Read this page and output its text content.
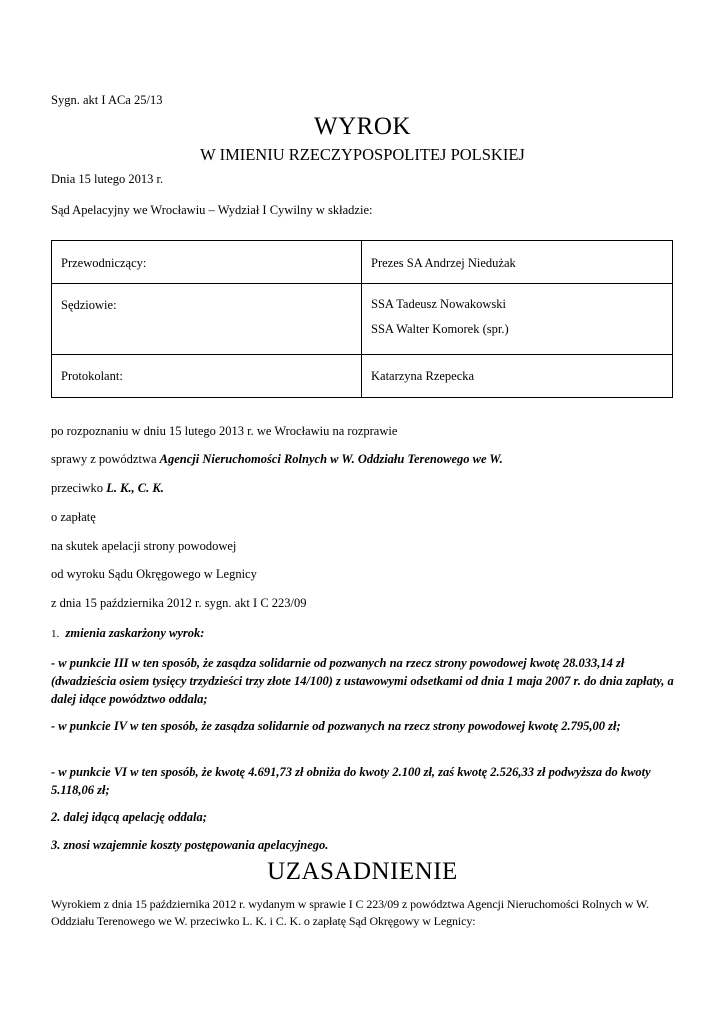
Sygn. akt I ACa 25/13
WYROK
W IMIENIU RZECZYPOSPOLITEJ POLSKIEJ
Dnia 15 lutego 2013 r.
Sąd Apelacyjny we Wrocławiu – Wydział I Cywilny w składzie:
Przewodniczący:	Prezes SA Andrzej Niedużak
Sędziowie:	SSA Tadeusz Nowakowski
SSA Walter Komorek (spr.)

Protokolant:	Katarzyna Rzepecka
po rozpoznaniu w dniu 15 lutego 2013 r. we Wrocławiu na rozprawie
sprawy z powództwa Agencji Nieruchomości Rolnych w W. Oddziału Terenowego we W.
przeciwko L. K., C. K.
o zapłatę
na skutek apelacji strony powodowej
od wyroku Sądu Okręgowego w Legnicy
z dnia 15 października 2012 r. sygn. akt I C 223/09
1. zmienia zaskarżony wyrok:
- w punkcie III w ten sposób, że zasądza solidarnie od pozwanych na rzecz strony powodowej kwotę 28.033,14 zł (dwadzieścia osiem tysięcy trzydzieści trzy złote 14/100) z ustawowymi odsetkami od dnia 1 maja 2007 r. do dnia zapłaty, a dalej idące powództwo oddala;
- w punkcie IV w ten sposób, że zasądza solidarnie od pozwanych na rzecz strony powodowej kwotę 2.795,00 zł;
- w punkcie VI w ten sposób, że kwotę 4.691,73 zł obniża do kwoty 2.100 zł, zaś kwotę 2.526,33 zł podwyższa do kwoty 5.118,06 zł;
2. dalej idącą apelację oddala;
3. znosi wzajemnie koszty postępowania apelacyjnego.
UZASADNIENIE
Wyrokiem z dnia 15 października 2012 r. wydanym w sprawie I C 223/09 z powództwa Agencji Nieruchomości Rolnych w W. Oddziału Terenowego we W. przeciwko L. K. i C. K. o zapłatę Sąd Okręgowy w Legnicy:
